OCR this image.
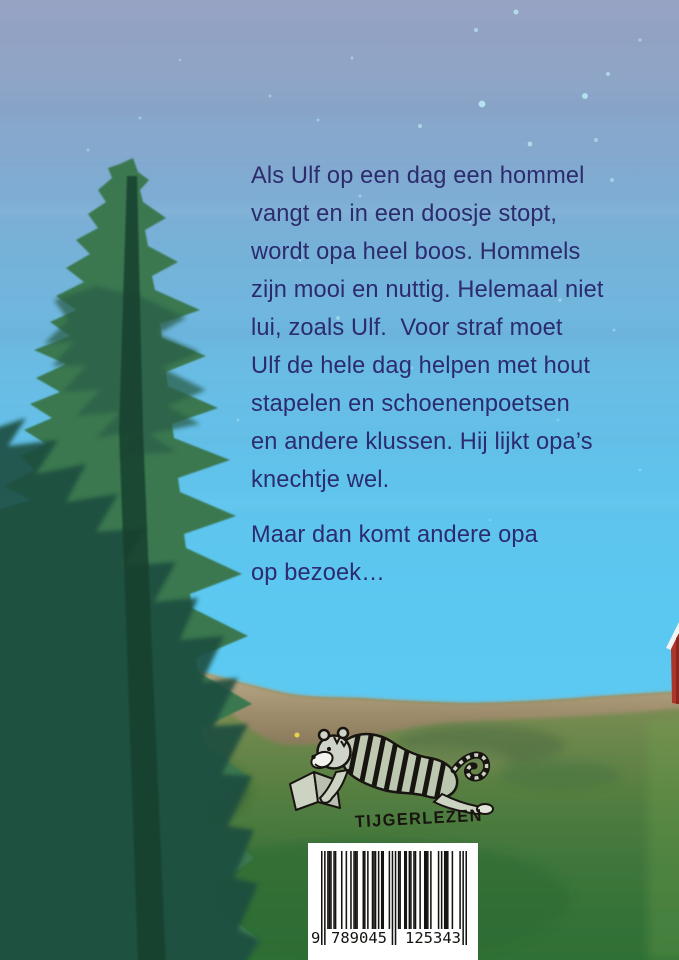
Als Ulf op een dag een hommel
vangt en in een doosje stopt,
wordt opa heel boos. Hommels
zijn mooi en nuttig. Helemaal niet
lui, zoals Ulf.  Voor straf moet
Ulf de hele dag helpen met hout
stapelen en schoenenpoetsen
en andere klussen. Hij lijkt opa’s
knechtje wel.
Maar dan komt andere opa
op bezoek…
TIJGERLEZEN
9 789045 125343
